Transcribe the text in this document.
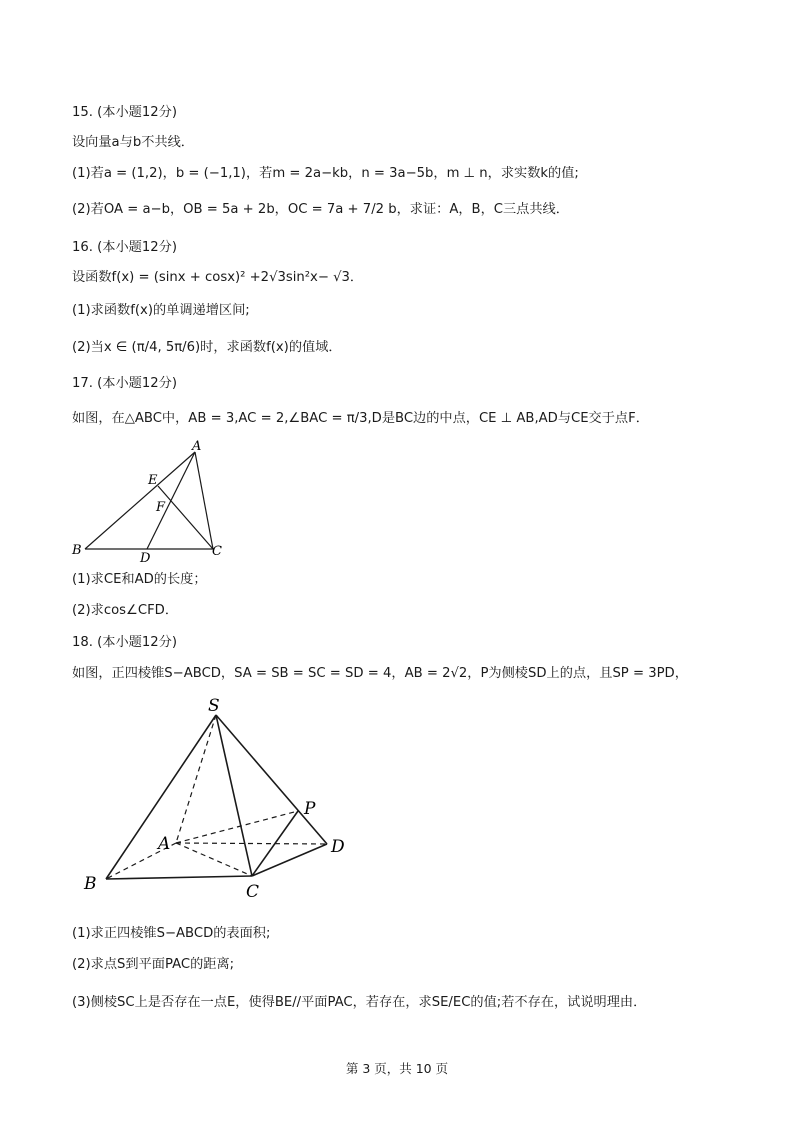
15. (本小题12分)
设向量a与b不共线．
(1)若a = (1,2)，b = (−1,1)，若m = 2a−kb，n = 3a−5b，m ⊥ n，求实数k的值;
(2)若OA = a−b，OB = 5a + 2b，OC = 7a + 7/2 b，求证：A，B，C三点共线．
16. (本小题12分)
设函数f(x) = (sinx + cosx)² +2√3sin²x− √3．
(1)求函数f(x)的单调递增区间;
(2)当x ∈ (π/4, 5π/6)时，求函数f(x)的值域．
17. (本小题12分)
如图，在△ABC中，AB = 3,AC = 2,∠BAC = π/3,D是BC边的中点，CE ⊥ AB,AD与CE交于点F．
A
E
F
B
D	C
(1)求CE和AD的长度；
(2)求cos∠CFD．
18. (本小题12分)
如图，正四棱锥S−ABCD，SA = SB = SC = SD = 4，AB = 2√2，P为侧棱SD上的点，且SP = 3PD，
S
P
A	D
B	C
(1)求正四棱锥S−ABCD的表面积;
(2)求点S到平面PAC的距离;
(3)侧棱SC上是否存在一点E，使得BE//平面PAC，若存在，求SE/EC的值;若不存在，试说明理由．
第 3 页，共 10 页
